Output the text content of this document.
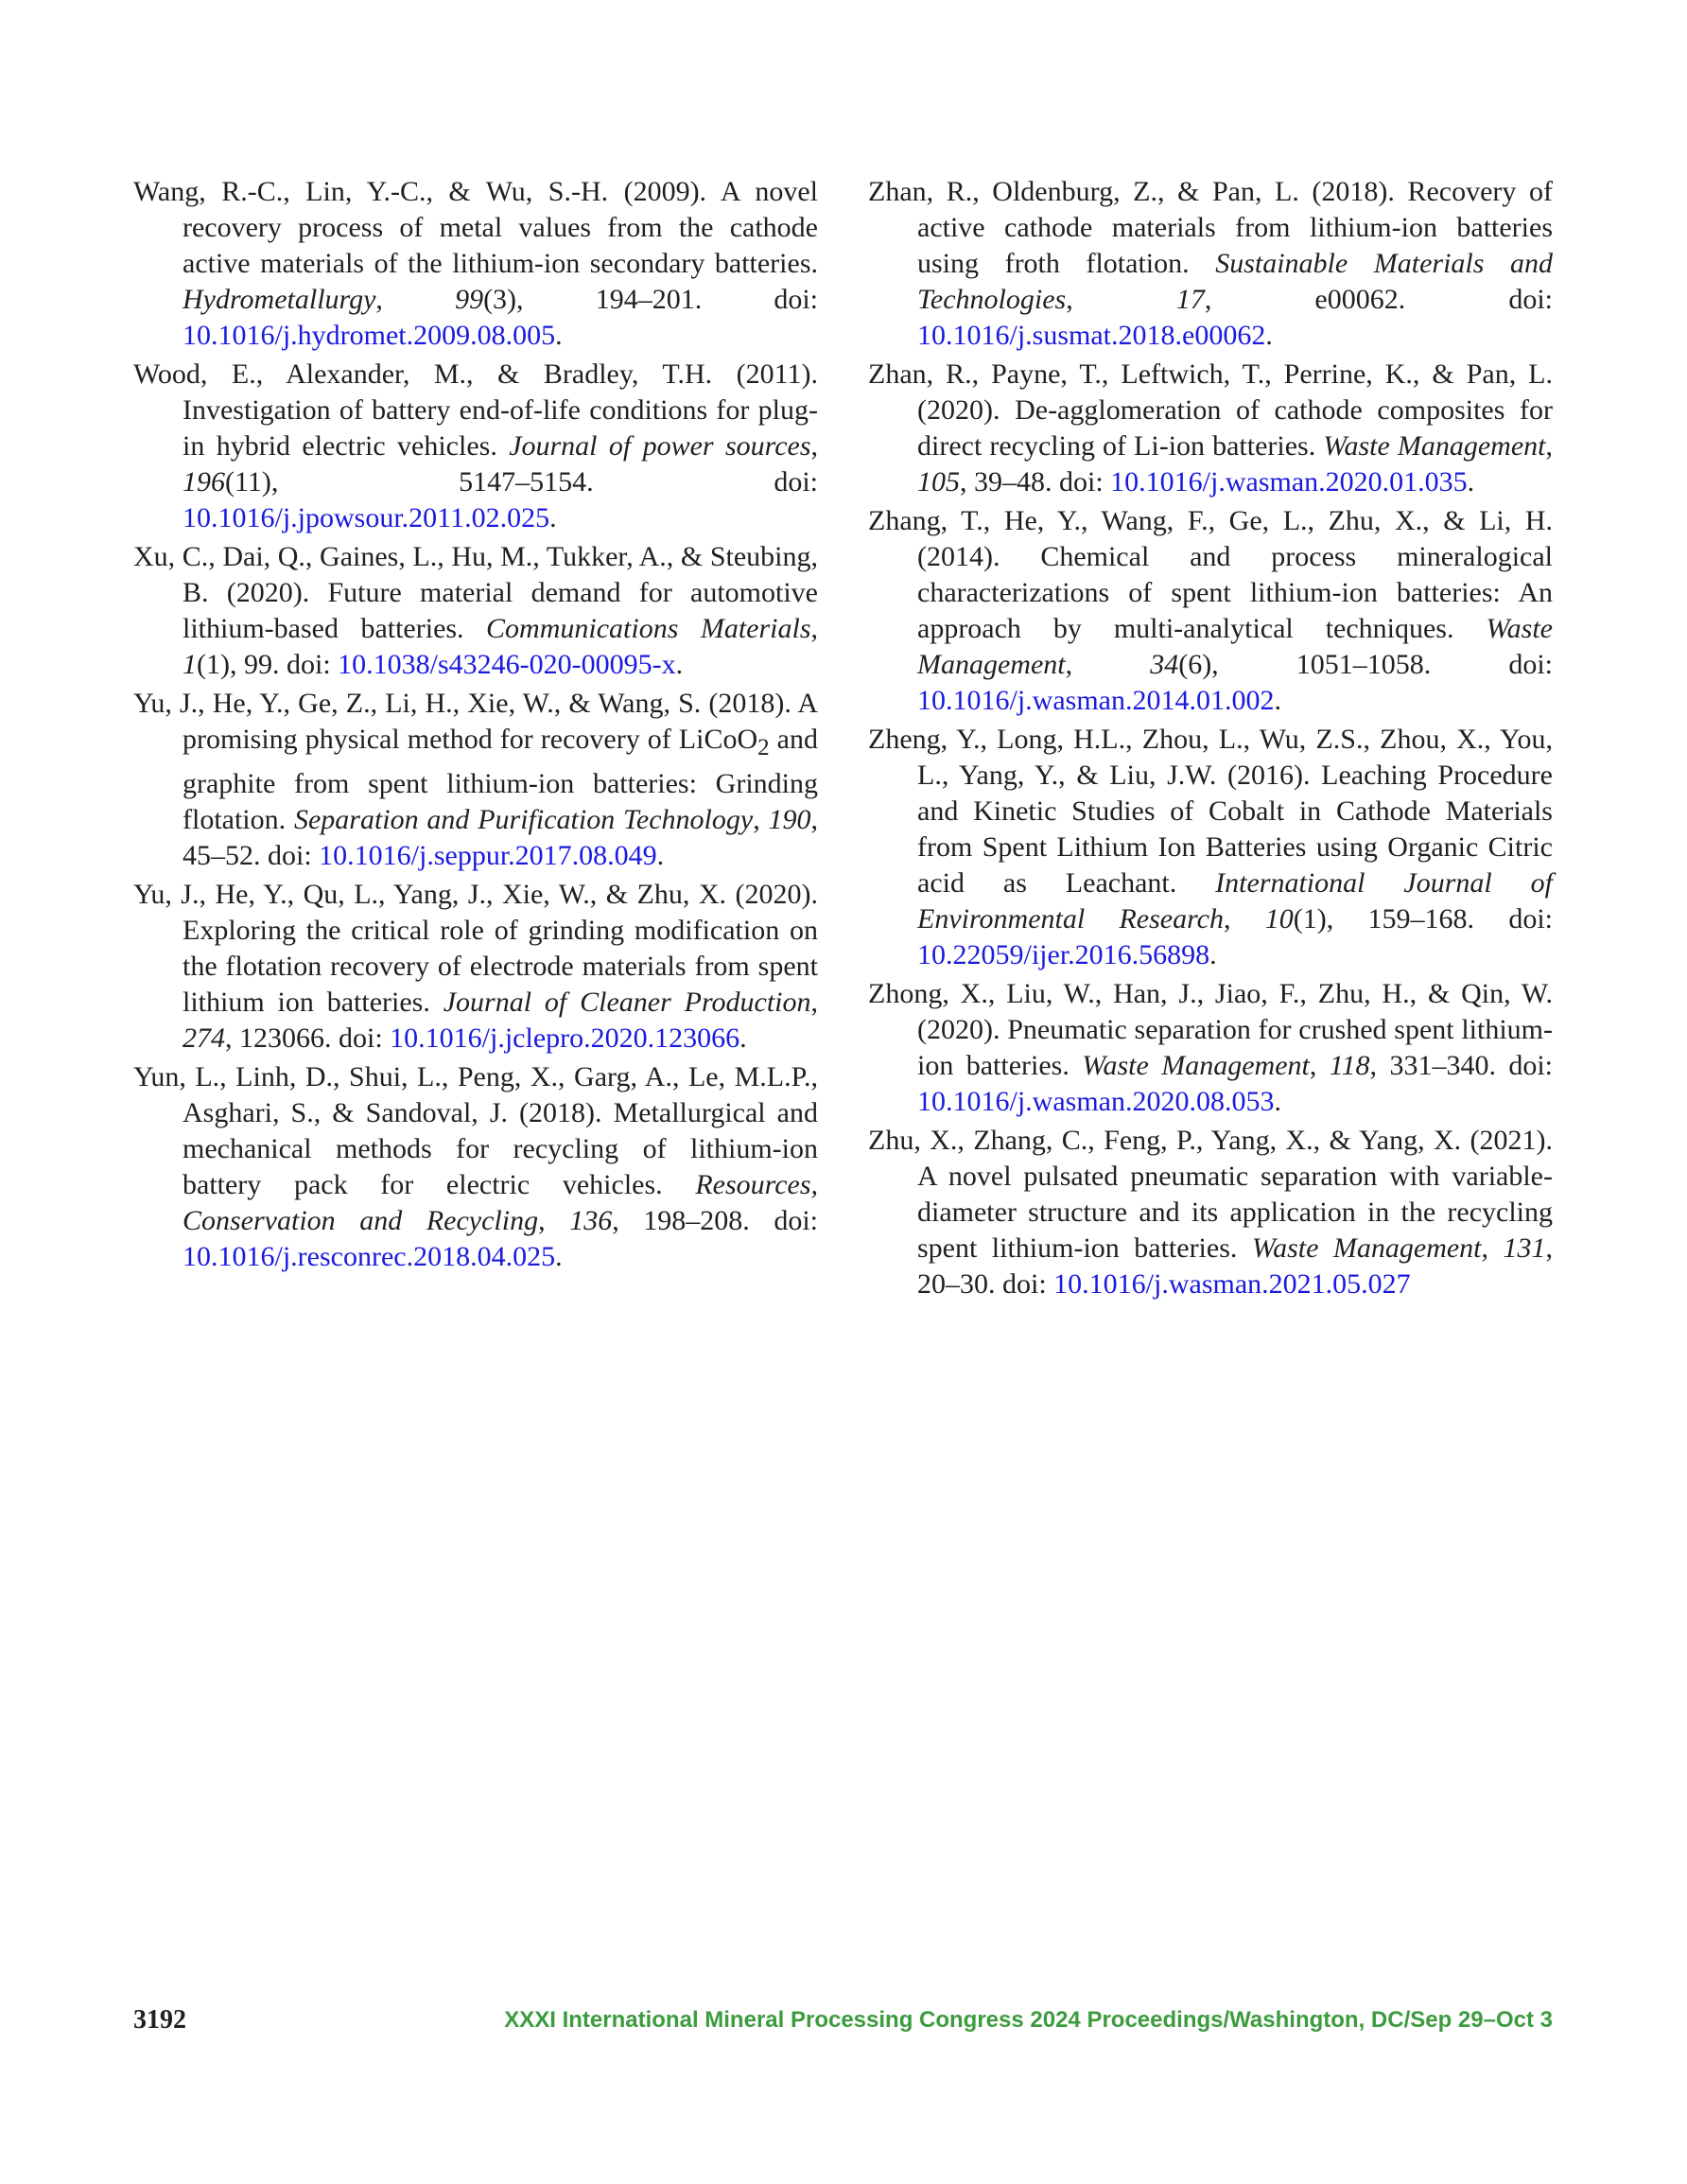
Wang, R.-C., Lin, Y.-C., & Wu, S.-H. (2009). A novel recovery process of metal values from the cathode active materials of the lithium-ion secondary batteries. Hydrometallurgy, 99(3), 194–201. doi: 10.1016/j.hydromet.2009.08.005.

Wood, E., Alexander, M., & Bradley, T.H. (2011). Investigation of battery end-of-life conditions for plug-in hybrid electric vehicles. Journal of power sources, 196(11), 5147–5154. doi: 10.1016/j.jpowsour.2011.02.025.

Xu, C., Dai, Q., Gaines, L., Hu, M., Tukker, A., & Steubing, B. (2020). Future material demand for automotive lithium-based batteries. Communications Materials, 1(1), 99. doi: 10.1038/s43246-020-00095-x.

Yu, J., He, Y., Ge, Z., Li, H., Xie, W., & Wang, S. (2018). A promising physical method for recovery of LiCoO$_2$ and graphite from spent lithium-ion batteries: Grinding flotation. Separation and Purification Technology, 190, 45–52. doi: 10.1016/j.seppur.2017.08.049.

Yu, J., He, Y., Qu, L., Yang, J., Xie, W., & Zhu, X. (2020). Exploring the critical role of grinding modification on the flotation recovery of electrode materials from spent lithium ion batteries. Journal of Cleaner Production, 274, 123066. doi: 10.1016/j.jclepro.2020.123066.

Yun, L., Linh, D., Shui, L., Peng, X., Garg, A., Le, M.L.P., Asghari, S., & Sandoval, J. (2018). Metallurgical and mechanical methods for recycling of lithium-ion battery pack for electric vehicles. Resources, Conservation and Recycling, 136, 198–208. doi: 10.1016/j.resconrec.2018.04.025.

Zhan, R., Oldenburg, Z., & Pan, L. (2018). Recovery of active cathode materials from lithium-ion batteries using froth flotation. Sustainable Materials and Technologies, 17, e00062. doi: 10.1016/j.susmat.2018.e00062.

Zhan, R., Payne, T., Leftwich, T., Perrine, K., & Pan, L. (2020). De-agglomeration of cathode composites for direct recycling of Li-ion batteries. Waste Management, 105, 39–48. doi: 10.1016/j.wasman.2020.01.035.

Zhang, T., He, Y., Wang, F., Ge, L., Zhu, X., & Li, H. (2014). Chemical and process mineralogical characterizations of spent lithium-ion batteries: An approach by multi-analytical techniques. Waste Management, 34(6), 1051–1058. doi: 10.1016/j.wasman.2014.01.002.

Zheng, Y., Long, H.L., Zhou, L., Wu, Z.S., Zhou, X., You, L., Yang, Y., & Liu, J.W. (2016). Leaching Procedure and Kinetic Studies of Cobalt in Cathode Materials from Spent Lithium Ion Batteries using Organic Citric acid as Leachant. International Journal of Environmental Research, 10(1), 159–168. doi: 10.22059/ijer.2016.56898.

Zhong, X., Liu, W., Han, J., Jiao, F., Zhu, H., & Qin, W. (2020). Pneumatic separation for crushed spent lithium-ion batteries. Waste Management, 118, 331–340. doi: 10.1016/j.wasman.2020.08.053.

Zhu, X., Zhang, C., Feng, P., Yang, X., & Yang, X. (2021). A novel pulsated pneumatic separation with variable-diameter structure and its application in the recycling spent lithium-ion batteries. Waste Management, 131, 20–30. doi: 10.1016/j.wasman.2021.05.027

3192	XXXI International Mineral Processing Congress 2024 Proceedings/Washington, DC/Sep 29–Oct 3
